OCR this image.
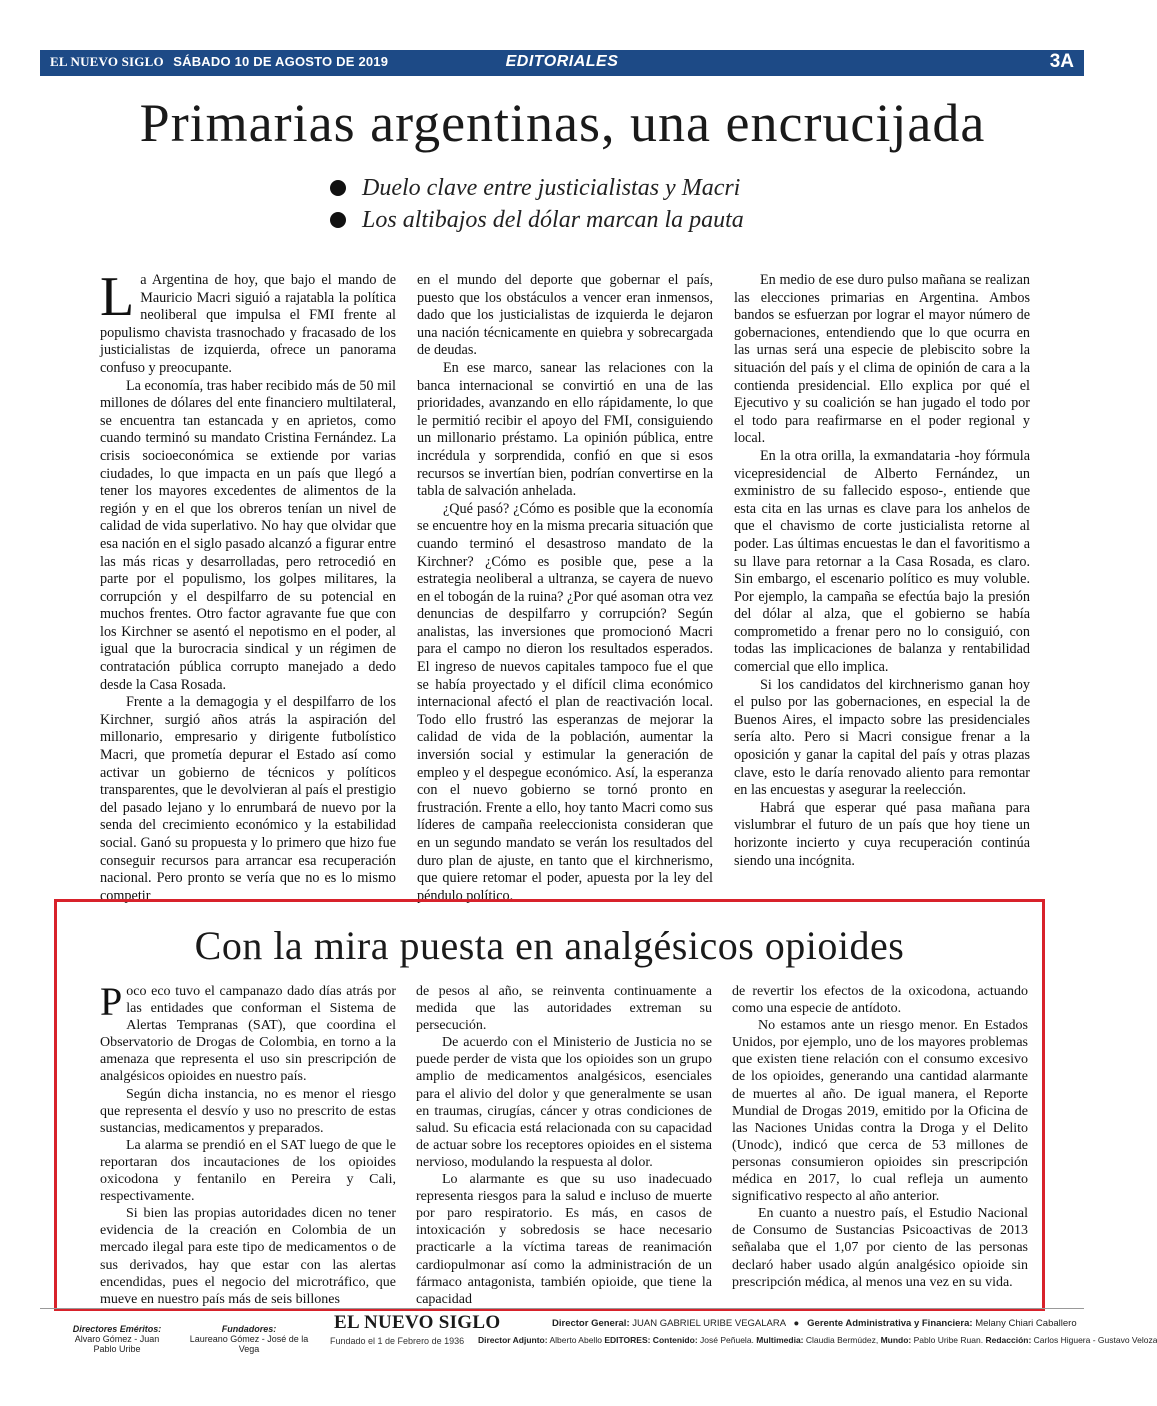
EL NUEVO SIGLO SÁBADO 10 DE AGOSTO DE 2019	EDITORIALES	3A
Primarias argentinas, una encrucijada
Duelo clave entre justicialistas y Macri
Los altibajos del dólar marcan la pauta

La Argentina de hoy, que bajo el mando de Mauricio Macri siguió a rajatabla la política neoliberal que impulsa el FMI frente al populismo chavista trasnochado y fracasado de los justicialistas de izquierda, ofrece un panorama confuso y preocupante.

La economía, tras haber recibido más de 50 mil millones de dólares del ente financiero multilateral, se encuentra tan estancada y en aprietos, como cuando terminó su mandato Cristina Fernández. La crisis socioeconómica se extiende por varias ciudades, lo que impacta en un país que llegó a tener los mayores excedentes de alimentos de la región y en el que los obreros tenían un nivel de calidad de vida superlativo. No hay que olvidar que esa nación en el siglo pasado alcanzó a figurar entre las más ricas y desarrolladas, pero retrocedió en parte por el populismo, los golpes militares, la corrupción y el despilfarro de su potencial en muchos frentes. Otro factor agravante fue que con los Kirchner se asentó el nepotismo en el poder, al igual que la burocracia sindical y un régimen de contratación pública corrupto manejado a dedo desde la Casa Rosada.

Frente a la demagogia y el despilfarro de los Kirchner, surgió años atrás la aspiración del millonario, empresario y dirigente futbolístico Macri, que prometía depurar el Estado así como activar un gobierno de técnicos y políticos transparentes, que le devolvieran al país el prestigio del pasado lejano y lo enrumbará de nuevo por la senda del crecimiento económico y la estabilidad social. Ganó su propuesta y lo primero que hizo fue conseguir recursos para arrancar esa recuperación nacional. Pero pronto se vería que no es lo mismo competir

en el mundo del deporte que gobernar el país, puesto que los obstáculos a vencer eran inmensos, dado que los justicialistas de izquierda le dejaron una nación técnicamente en quiebra y sobrecargada de deudas.

En ese marco, sanear las relaciones con la banca internacional se convirtió en una de las prioridades, avanzando en ello rápidamente, lo que le permitió recibir el apoyo del FMI, consiguiendo un millonario préstamo. La opinión pública, entre incrédula y sorprendida, confió en que si esos recursos se invertían bien, podrían convertirse en la tabla de salvación anhelada.

¿Qué pasó? ¿Cómo es posible que la economía se encuentre hoy en la misma precaria situación que cuando terminó el desastroso mandato de la Kirchner? ¿Cómo es posible que, pese a la estrategia neoliberal a ultranza, se cayera de nuevo en el tobogán de la ruina? ¿Por qué asoman otra vez denuncias de despilfarro y corrupción? Según analistas, las inversiones que promocionó Macri para el campo no dieron los resultados esperados. El ingreso de nuevos capitales tampoco fue el que se había proyectado y el difícil clima económico internacional afectó el plan de reactivación local. Todo ello frustró las esperanzas de mejorar la calidad de vida de la población, aumentar la inversión social y estimular la generación de empleo y el despegue económico. Así, la esperanza con el nuevo gobierno se tornó pronto en frustración. Frente a ello, hoy tanto Macri como sus líderes de campaña reeleccionista consideran que en un segundo mandato se verán los resultados del duro plan de ajuste, en tanto que el kirchnerismo, que quiere retomar el poder, apuesta por la ley del péndulo político.

En medio de ese duro pulso mañana se realizan las elecciones primarias en Argentina. Ambos bandos se esfuerzan por lograr el mayor número de gobernaciones, entendiendo que lo que ocurra en las urnas será una especie de plebiscito sobre la situación del país y el clima de opinión de cara a la contienda presidencial. Ello explica por qué el Ejecutivo y su coalición se han jugado el todo por el todo para reafirmarse en el poder regional y local.

En la otra orilla, la exmandataria -hoy fórmula vicepresidencial de Alberto Fernández, un exministro de su fallecido esposo-, entiende que esta cita en las urnas es clave para los anhelos de que el chavismo de corte justicialista retorne al poder. Las últimas encuestas le dan el favoritismo a su llave para retornar a la Casa Rosada, es claro. Sin embargo, el escenario político es muy voluble. Por ejemplo, la campaña se efectúa bajo la presión del dólar al alza, que el gobierno se había comprometido a frenar pero no lo consiguió, con todas las implicaciones de balanza y rentabilidad comercial que ello implica.

Si los candidatos del kirchnerismo ganan hoy el pulso por las gobernaciones, en especial la de Buenos Aires, el impacto sobre las presidenciales sería alto. Pero si Macri consigue frenar a la oposición y ganar la capital del país y otras plazas clave, esto le daría renovado aliento para remontar en las encuestas y asegurar la reelección.

Habrá que esperar qué pasa mañana para vislumbrar el futuro de un país que hoy tiene un horizonte incierto y cuya recuperación continúa siendo una incógnita.

Con la mira puesta en analgésicos opioides

Poco eco tuvo el campanazo dado días atrás por las entidades que conforman el Sistema de Alertas Tempranas (SAT), que coordina el Observatorio de Drogas de Colombia, en torno a la amenaza que representa el uso sin prescripción de analgésicos opioides en nuestro país.

Según dicha instancia, no es menor el riesgo que representa el desvío y uso no prescrito de estas sustancias, medicamentos y preparados.

La alarma se prendió en el SAT luego de que le reportaran dos incautaciones de los opioides oxicodona y fentanilo en Pereira y Cali, respectivamente.

Si bien las propias autoridades dicen no tener evidencia de la creación en Colombia de un mercado ilegal para este tipo de medicamentos o de sus derivados, hay que estar con las alertas encendidas, pues el negocio del microtráfico, que mueve en nuestro país más de seis billones

de pesos al año, se reinventa continuamente a medida que las autoridades extreman su persecución.

De acuerdo con el Ministerio de Justicia no se puede perder de vista que los opioides son un grupo amplio de medicamentos analgésicos, esenciales para el alivio del dolor y que generalmente se usan en traumas, cirugías, cáncer y otras condiciones de salud. Su eficacia está relacionada con su capacidad de actuar sobre los receptores opioides en el sistema nervioso, modulando la respuesta al dolor.

Lo alarmante es que su uso inadecuado representa riesgos para la salud e incluso de muerte por paro respiratorio. Es más, en casos de intoxicación y sobredosis se hace necesario practicarle a la víctima tareas de reanimación cardiopulmonar así como la administración de un fármaco antagonista, también opioide, que tiene la capacidad

de revertir los efectos de la oxicodona, actuando como una especie de antídoto.

No estamos ante un riesgo menor. En Estados Unidos, por ejemplo, uno de los mayores problemas que existen tiene relación con el consumo excesivo de los opioides, generando una cantidad alarmante de muertes al año. De igual manera, el Reporte Mundial de Drogas 2019, emitido por la Oficina de las Naciones Unidas contra la Droga y el Delito (Unodc), indicó que cerca de 53 millones de personas consumieron opioides sin prescripción médica en 2017, lo cual refleja un aumento significativo respecto al año anterior.

En cuanto a nuestro país, el Estudio Nacional de Consumo de Sustancias Psicoactivas de 2013 señalaba que el 1,07 por ciento de las personas declaró haber usado algún analgésico opioide sin prescripción médica, al menos una vez en su vida.

Directores Eméritos:
Alvaro Gómez - Juan Pablo Uribe
Fundadores:
Laureano Gómez - José de la Vega
EL NUEVO SIGLO
Fundado el 1 de Febrero de 1936
Director General: JUAN GABRIEL URIBE VEGALARA ● Gerente Administrativa y Financiera: Melany Chiari Caballero
Director Adjunto: Alberto Abello EDITORES: Contenido: José Peñuela. Multimedia: Claudia Bermúdez, Mundo: Pablo Uribe Ruan. Redacción: Carlos Higuera - Gustavo Veloza
